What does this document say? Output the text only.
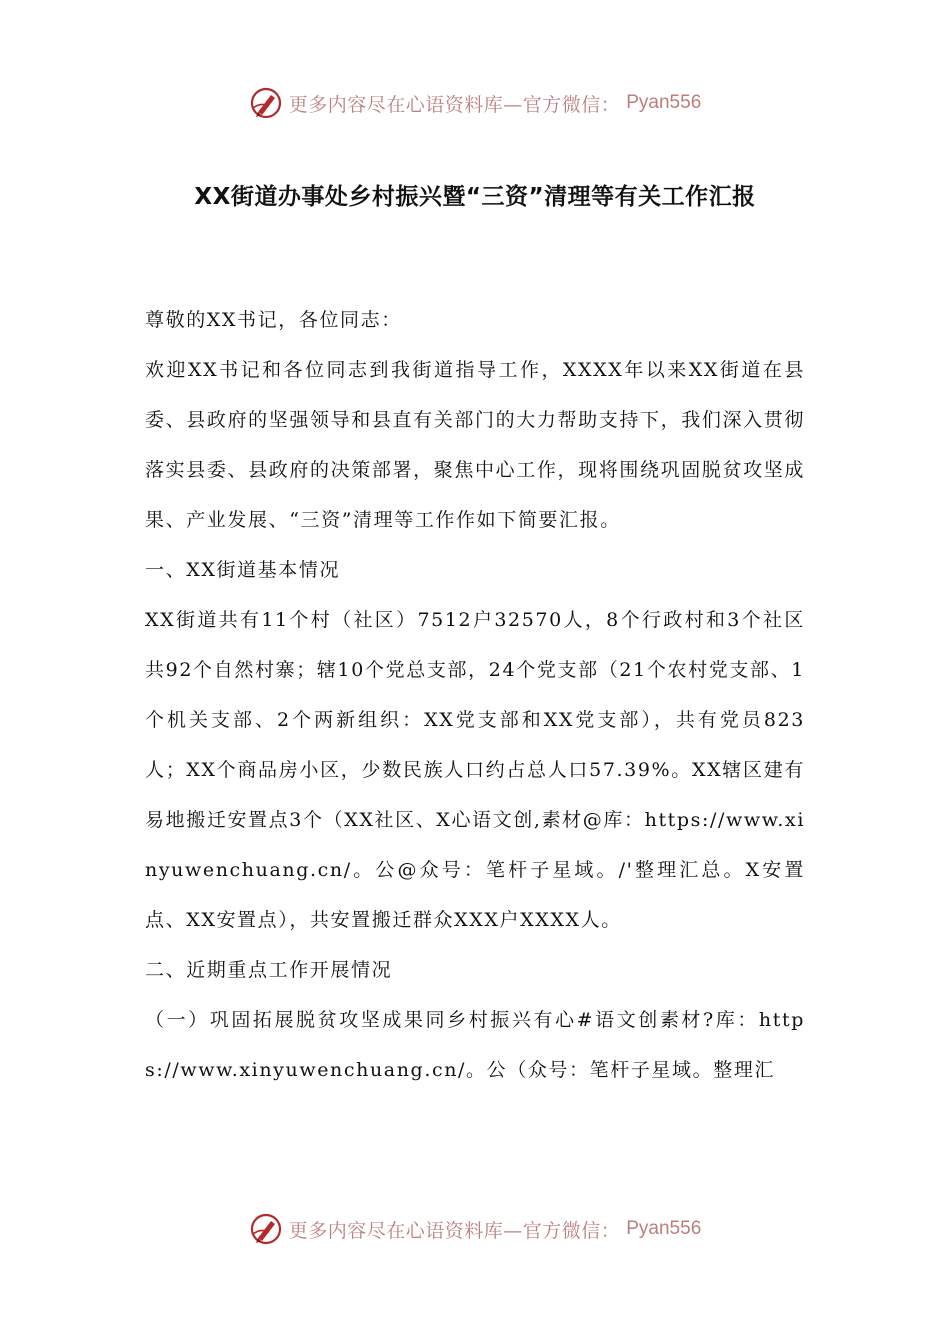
更多内容尽在心语资料库—官方微信： Pyan556
XX街道办事处乡村振兴暨“三资”清理等有关工作汇报

尊敬的XX书记，各位同志：

欢迎XX书记和各位同志到我街道指导工作，XXXX年以来XX街道在县委、县政府的坚强领导和县直有关部门的大力帮助支持下，我们深入贯彻落实县委、县政府的决策部署，聚焦中心工作，现将围绕巩固脱贫攻坚成果、产业发展、“三资”清理等工作作如下简要汇报。

一、XX街道基本情况

XX街道共有11个村（社区）7512户32570人，8个行政村和3个社区共92个自然村寨；辖10个党总支部，24个党支部（21个农村党支部、1个机关支部、2个两新组织：XX党支部和XX党支部），共有党员823人；XX个商品房小区，少数民族人口约占总人口57.39%。XX辖区建有易地搬迁安置点3个（XX社区、X心语文创,素材@库：https://www.xinyuwenchuang.cn/。公@众号：笔杆子星域。/'整理汇总。X安置点、XX安置点），共安置搬迁群众XXX户XXXX人。

二、近期重点工作开展情况

（一）巩固拓展脱贫攻坚成果同乡村振兴有心#语文创素材?库：https://www.xinyuwenchuang.cn/。公（众号：笔杆子星域。整理汇

更多内容尽在心语资料库—官方微信： Pyan556
